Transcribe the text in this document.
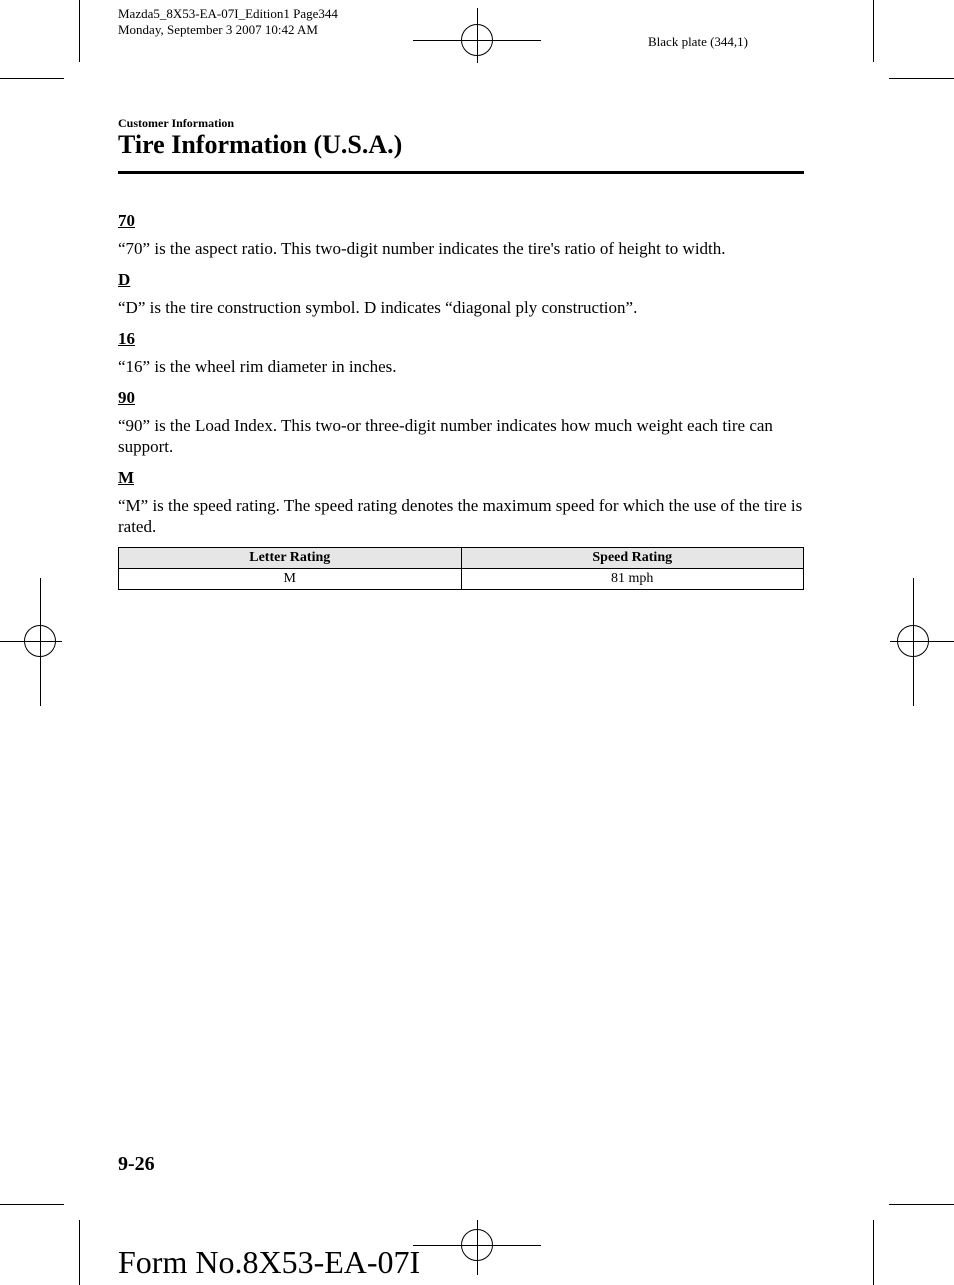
Mazda5_8X53-EA-07I_Edition1 Page344
Monday, September 3 2007 10:42 AM
Black plate (344,1)
Customer Information
Tire Information (U.S.A.)

70

“70” is the aspect ratio. This two-digit number indicates the tire's ratio of height to width.

D

“D” is the tire construction symbol. D indicates “diagonal ply construction”.

16

“16” is the wheel rim diameter in inches.

90

“90” is the Load Index. This two-or three-digit number indicates how much weight each tire can support.

M

“M” is the speed rating. The speed rating denotes the maximum speed for which the use of the tire is rated.

Letter Rating	Speed Rating
M	81 mph
9-26
Form No.8X53-EA-07I
